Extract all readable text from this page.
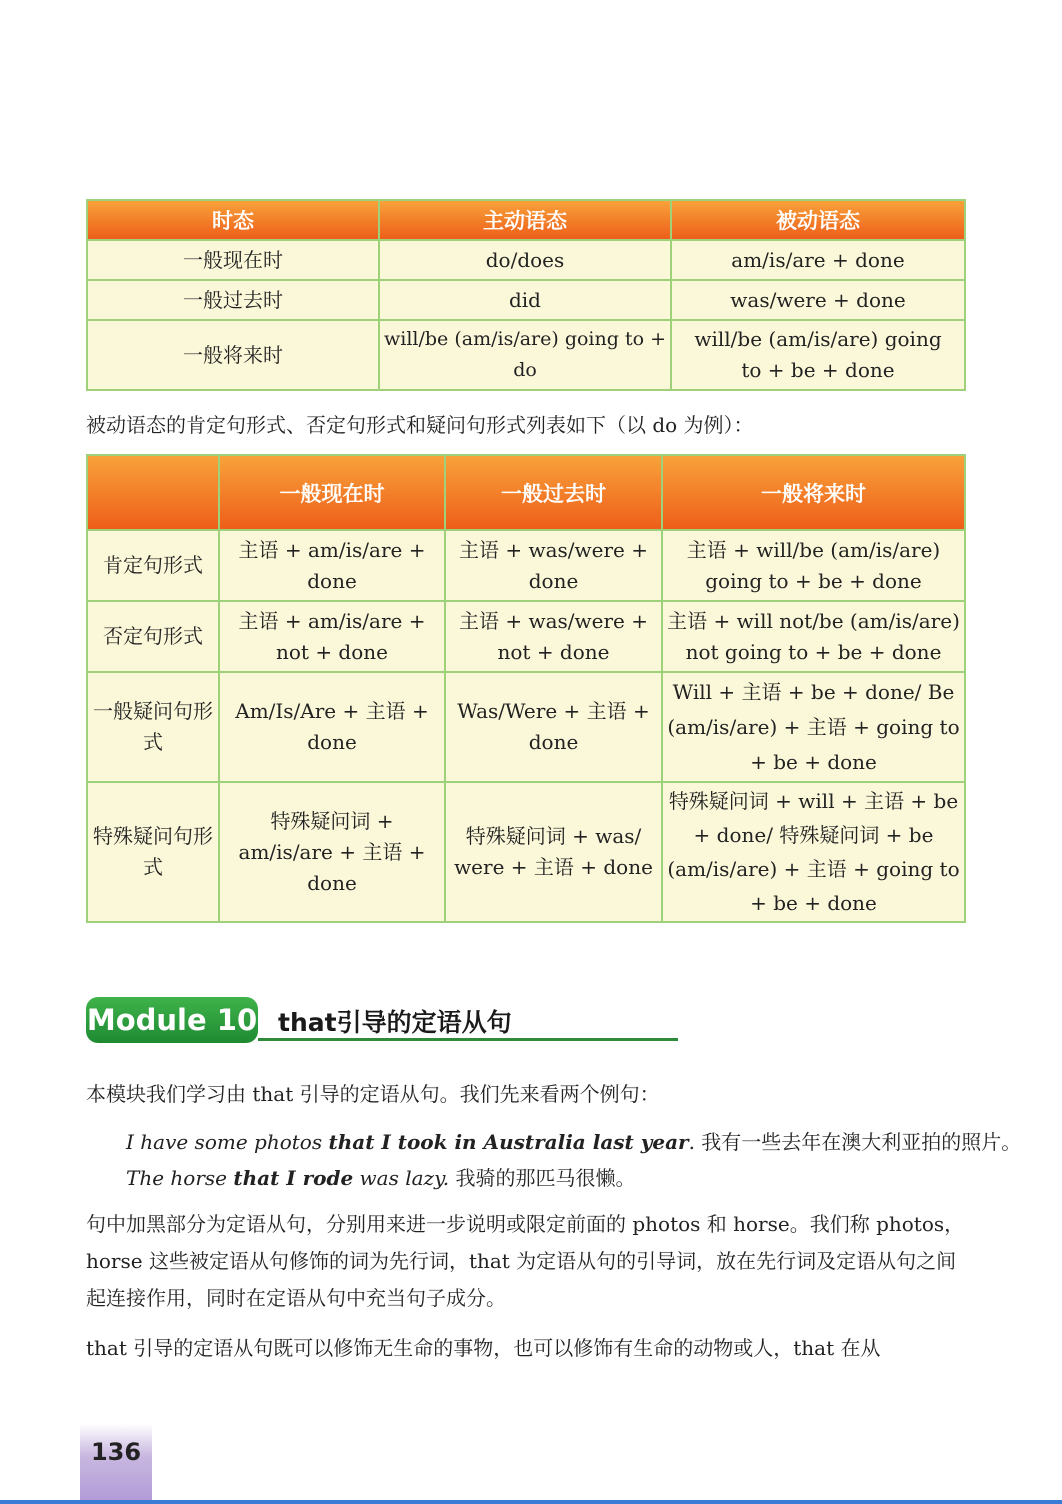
时态	主动语态	被动语态
一般现在时	do/does	am/is/are + done
一般过去时	did	was/were + done
一般将来时	will/be (am/is/are) going to + do	will/be (am/is/are) going to + be + done
被动语态的肯定句形式、否定句形式和疑问句形式列表如下（以 do 为例）：
	一般现在时	一般过去时	一般将来时
肯定句形式	主语 + am/is/are + done	主语 + was/were + done	主语 + will/be (am/is/are) going to + be + done
否定句形式	主语 + am/is/are + not + done	主语 + was/were + not + done	主语 + will not/be (am/is/are) not going to + be + done
一般疑问句形式	Am/Is/Are + 主语 + done	Was/Were + 主语 + done	Will + 主语 + be + done/ Be (am/is/are) + 主语 + going to + be + done
特殊疑问句形式	特殊疑问词 + am/is/are + 主语 + done	特殊疑问词 + was/ were + 主语 + done	特殊疑问词 + will + 主语 + be + done/ 特殊疑问词 + be (am/is/are) + 主语 + going to + be + done
Module 10 that引导的定语从句
本模块我们学习由 that 引导的定语从句。我们先来看两个例句：
I have some photos that I took in Australia last year. 我有一些去年在澳大利亚拍的照片。
The horse that I rode was lazy. 我骑的那匹马很懒。
句中加黑部分为定语从句，分别用来进一步说明或限定前面的 photos 和 horse。我们称 photos，horse 这些被定语从句修饰的词为先行词，that 为定语从句的引导词，放在先行词及定语从句之间起连接作用，同时在定语从句中充当句子成分。
that 引导的定语从句既可以修饰无生命的事物，也可以修饰有生命的动物或人，that 在从
136
